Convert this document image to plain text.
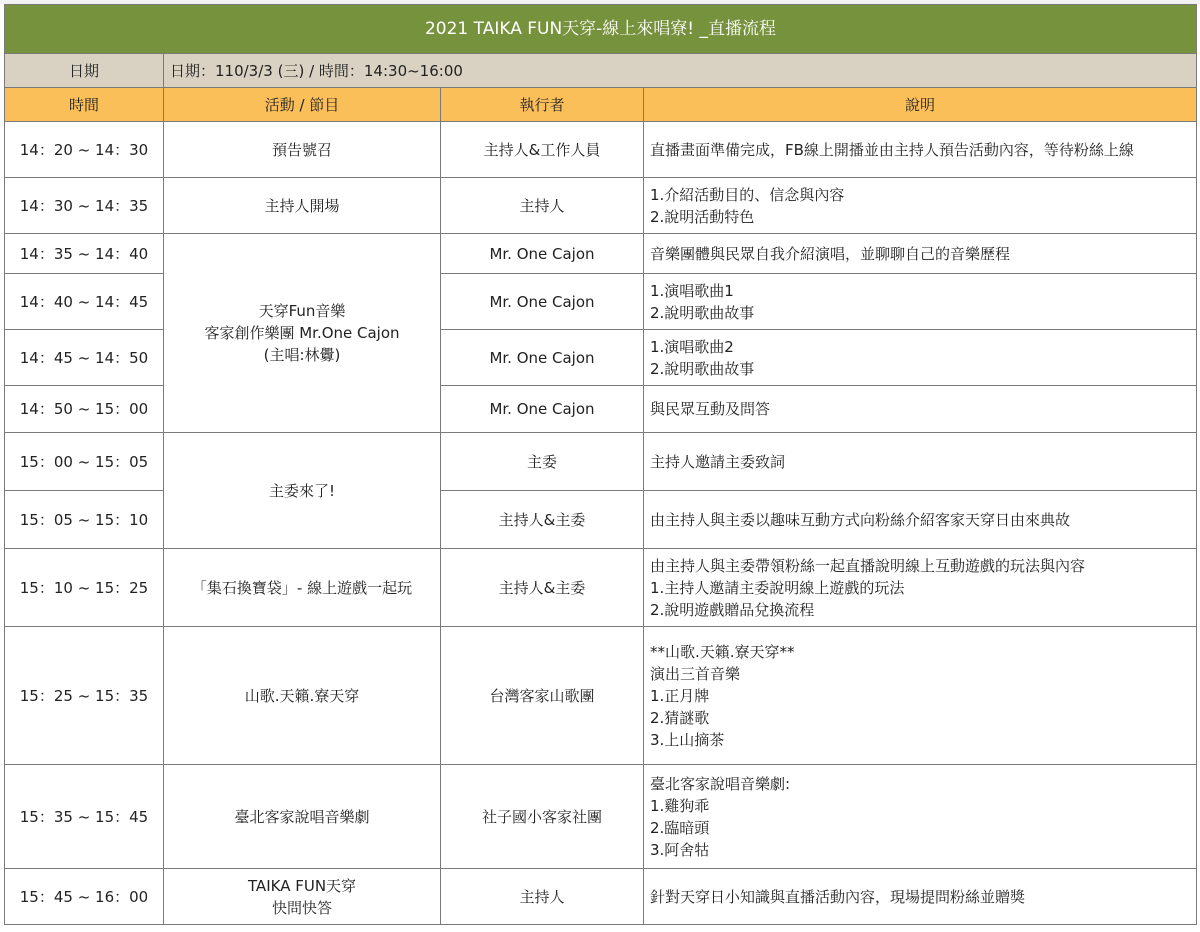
2021 TAIKA FUN天穿-線上來唱寮! _直播流程			
日期	日期：110/3/3 (三) / 時間：14:30~16:00		
時間	活動 / 節目	執行者	說明
14：20 ~ 14：30	預告號召	主持人&工作人員	直播畫面準備完成，FB線上開播並由主持人預告活動內容，等待粉絲上線

14：30 ~ 14：35	主持人開場	主持人	1.介紹活動目的、信念與內容
2.說明活動特色

14：35 ~ 14：40	天穿Fun音樂
客家創作樂團 Mr.One Cajon
(主唱:林釁)	Mr. One Cajon	音樂團體與民眾自我介紹演唱，並聊聊自己的音樂歷程

14：40 ~ 14：45		Mr. One Cajon	1.演唱歌曲1
2.說明歌曲故事

14：45 ~ 14：50		Mr. One Cajon	1.演唱歌曲2
2.說明歌曲故事

14：50 ~ 15：00		Mr. One Cajon	與民眾互動及問答

15：00 ~ 15：05	主委來了!	主委	主持人邀請主委致詞

15：05 ~ 15：10		主持人&主委	由主持人與主委以趣味互動方式向粉絲介紹客家天穿日由來典故

15：10 ~ 15：25	「集石換寶袋」- 線上遊戲一起玩	主持人&主委	由主持人與主委帶領粉絲一起直播說明線上互動遊戲的玩法與內容
1.主持人邀請主委說明線上遊戲的玩法
2.說明遊戲贈品兌換流程

15：25 ~ 15：35	山歌.天籟.寮天穿	台灣客家山歌團	**山歌.天籟.寮天穿**
演出三首音樂
1.正月牌
2.猜謎歌
3.上山摘茶

15：35 ~ 15：45	臺北客家說唱音樂劇	社子國小客家社團	臺北客家說唱音樂劇:
1.雞狗乖
2.臨暗頭
3.阿舍牯

15：45 ~ 16：00	TAIKA FUN天穿
快問快答	主持人	針對天穿日小知識與直播活動內容，現場提問粉絲並贈獎
